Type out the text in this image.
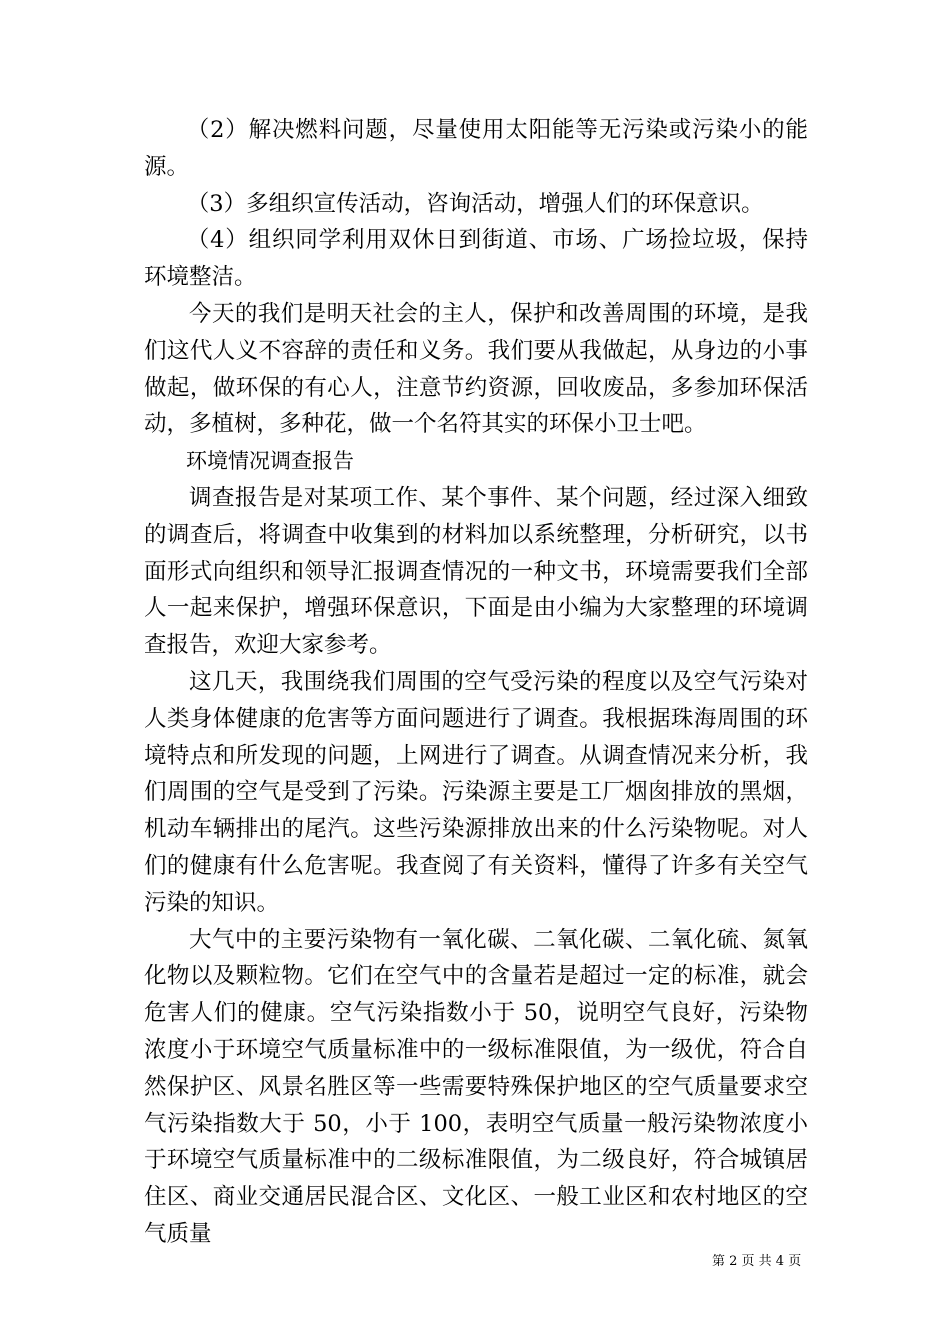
（2）解决燃料问题，尽量使用太阳能等无污染或污染小的能源。

（3）多组织宣传活动，咨询活动，增强人们的环保意识。

（4）组织同学利用双休日到街道、市场、广场捡垃圾，保持环境整洁。

今天的我们是明天社会的主人，保护和改善周围的环境，是我们这代人义不容辞的责任和义务。我们要从我做起，从身边的小事做起，做环保的有心人，注意节约资源，回收废品，多参加环保活动，多植树，多种花，做一个名符其实的环保小卫士吧。

环境情况调查报告

调查报告是对某项工作、某个事件、某个问题，经过深入细致的调查后，将调查中收集到的材料加以系统整理，分析研究，以书面形式向组织和领导汇报调查情况的一种文书，环境需要我们全部人一起来保护，增强环保意识，下面是由小编为大家整理的环境调查报告，欢迎大家参考。

这几天，我围绕我们周围的空气受污染的程度以及空气污染对人类身体健康的危害等方面问题进行了调查。我根据珠海周围的环境特点和所发现的问题，上网进行了调查。从调查情况来分析，我们周围的空气是受到了污染。污染源主要是工厂烟囱排放的黑烟，机动车辆排出的尾汽。这些污染源排放出来的什么污染物呢。对人们的健康有什么危害呢。我查阅了有关资料，懂得了许多有关空气污染的知识。

大气中的主要污染物有一氧化碳、二氧化碳、二氧化硫、氮氧化物以及颗粒物。它们在空气中的含量若是超过一定的标准，就会危害人们的健康。空气污染指数小于 50，说明空气良好，污染物浓度小于环境空气质量标准中的一级标准限值，为一级优，符合自然保护区、风景名胜区等一些需要特殊保护地区的空气质量要求空气污染指数大于 50，小于 100，表明空气质量一般污染物浓度小于环境空气质量标准中的二级标准限值，为二级良好，符合城镇居住区、商业交通居民混合区、文化区、一般工业区和农村地区的空气质量

第 2 页 共 4 页
